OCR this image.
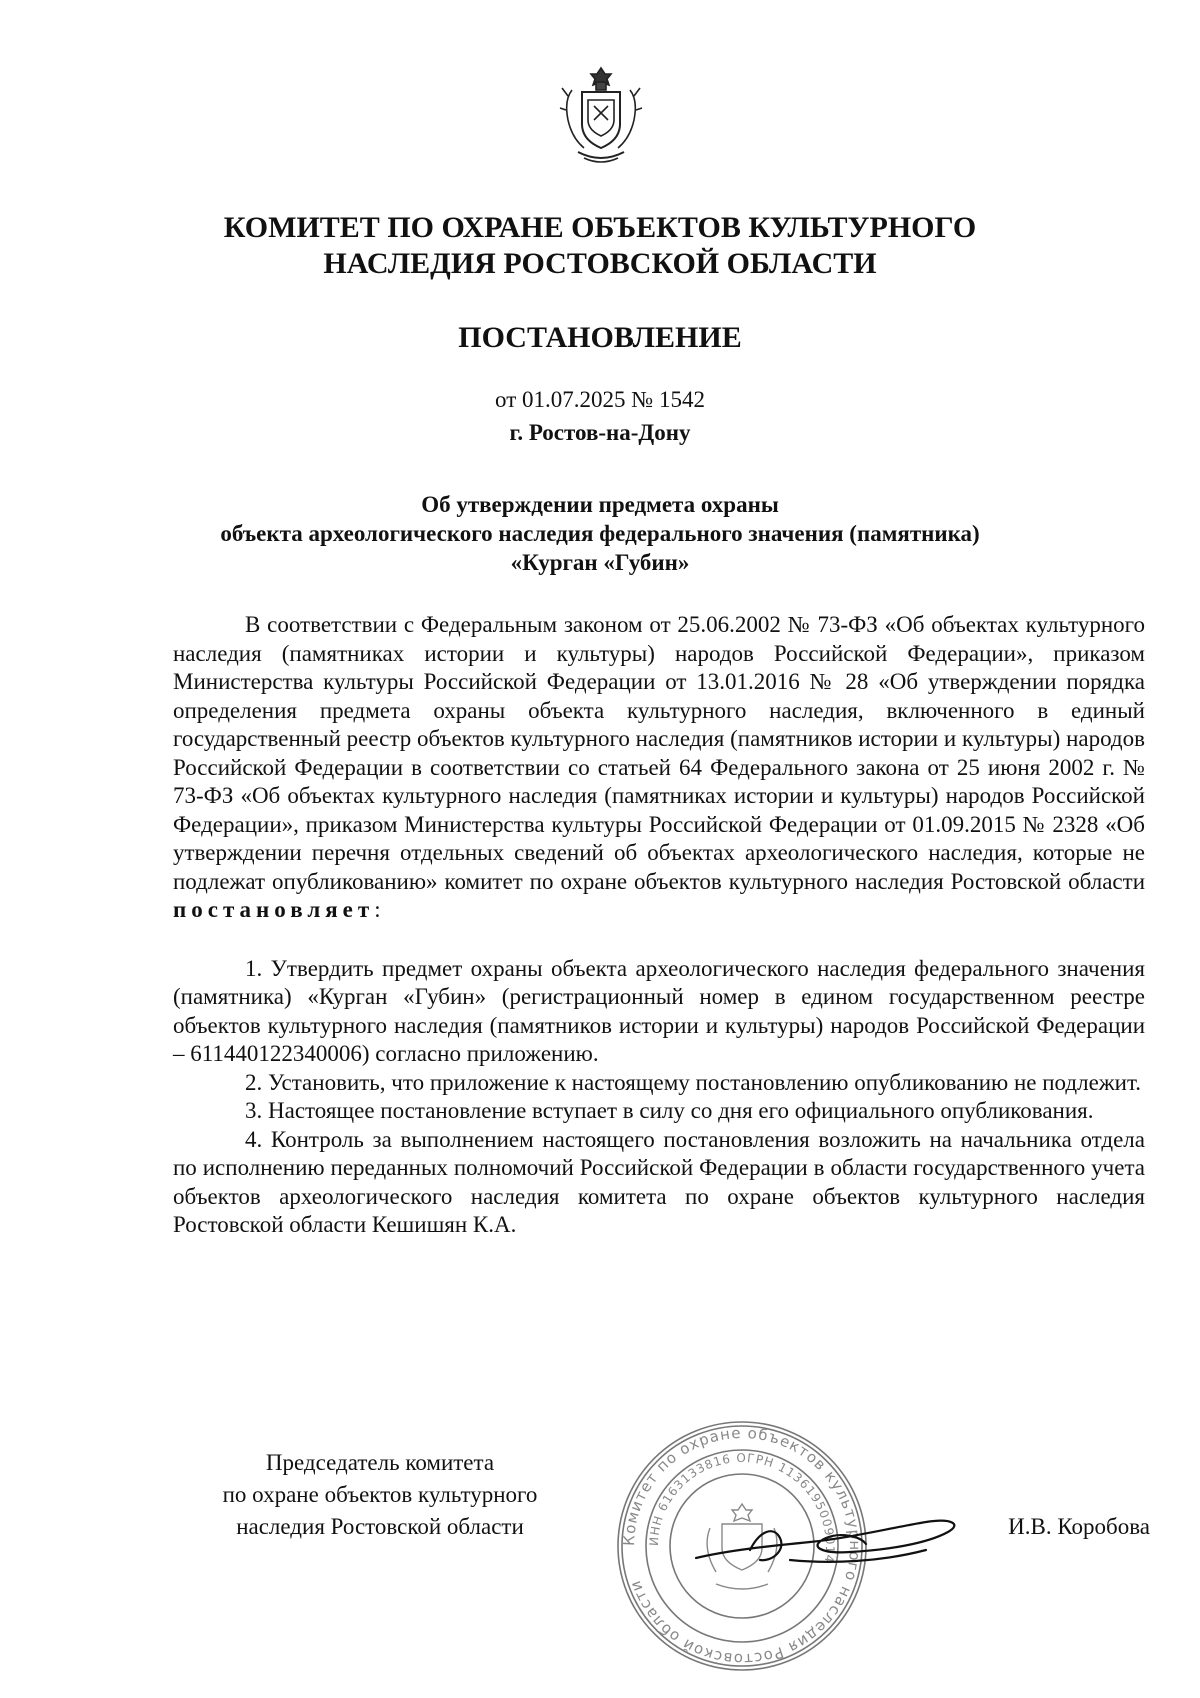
КОМИТЕТ ПО ОХРАНЕ ОБЪЕКТОВ КУЛЬТУРНОГО
НАСЛЕДИЯ РОСТОВСКОЙ ОБЛАСТИ
ПОСТАНОВЛЕНИЕ
от 01.07.2025 № 1542
г. Ростов-на-Дону
Об утверждении предмета охраны
объекта археологического наследия федерального значения (памятника)
«Курган «Губин»

В соответствии с Федеральным законом от 25.06.2002 № 73-ФЗ «Об объектах культурного наследия (памятниках истории и культуры) народов Российской Федерации», приказом Министерства культуры Российской Федерации от 13.01.2016 № 28 «Об утверждении порядка определения предмета охраны объекта культурного наследия, включенного в единый государственный реестр объектов культурного наследия (памятников истории и культуры) народов Российской Федерации в соответствии со статьей 64 Федерального закона от 25 июня 2002 г. № 73-ФЗ «Об объектах культурного наследия (памятниках истории и культуры) народов Российской Федерации», приказом Министерства культуры Российской Федерации от 01.09.2015 № 2328 «Об утверждении перечня отдельных сведений об объектах археологического наследия, которые не подлежат опубликованию» комитет по охране объектов культурного наследия Ростовской области постановляет:

1. Утвердить предмет охраны объекта археологического наследия федерального значения (памятника) «Курган «Губин» (регистрационный номер в едином государственном реестре объектов культурного наследия (памятников истории и культуры) народов Российской Федерации – 611440122340006) согласно приложению.

2. Установить, что приложение к настоящему постановлению опубликованию не подлежит.

3. Настоящее постановление вступает в силу со дня его официального опубликования.

4. Контроль за выполнением настоящего постановления возложить на начальника отдела по исполнению переданных полномочий Российской Федерации в области государственного учета объектов археологического наследия комитета по охране объектов культурного наследия Ростовской области Кешишян К.А.

Председатель комитета
по охране объектов культурного
наследия Ростовской области
Комитет по охране объектов культурного наследия Ростовской области
ИНН 6163133816 ОГРН 1136195009014
И.В. Коробова
